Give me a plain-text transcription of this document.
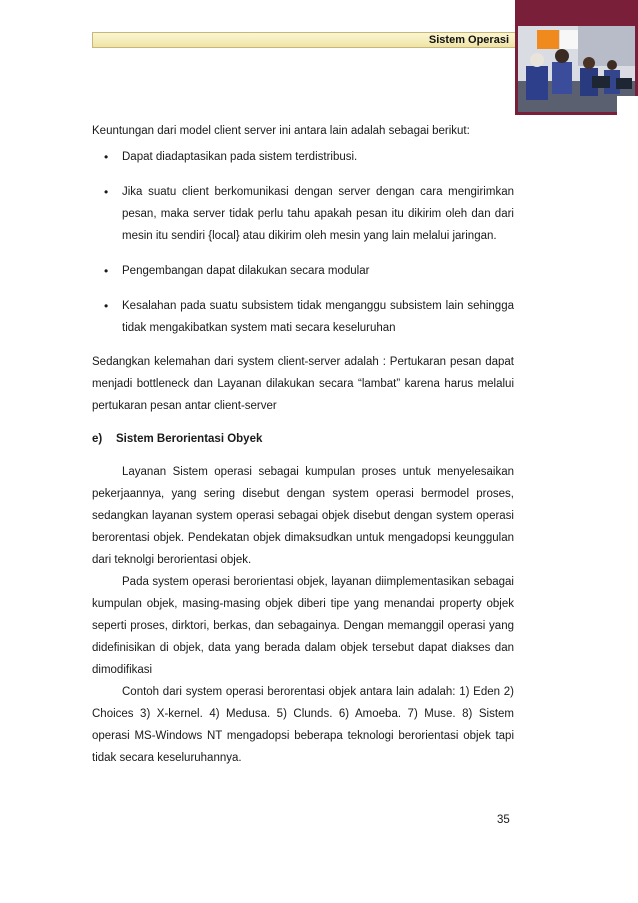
Sistem Operasi
Keuntungan dari model client server ini antara lain adalah sebagai berikut:
• Dapat diadaptasikan pada sistem terdistribusi.
• Jika suatu client berkomunikasi dengan server dengan cara mengirimkan pesan, maka server tidak perlu tahu apakah pesan itu dikirim oleh dan dari mesin itu sendiri {local} atau dikirim oleh mesin yang lain melalui jaringan.
• Pengembangan dapat dilakukan secara modular
• Kesalahan pada suatu subsistem tidak menganggu subsistem lain sehingga tidak mengakibatkan system mati secara keseluruhan
Sedangkan kelemahan dari system client-server adalah : Pertukaran pesan dapat menjadi bottleneck dan Layanan dilakukan secara “lambat” karena harus melalui pertukaran pesan antar client-server
e) Sistem Berorientasi Obyek

Layanan Sistem operasi sebagai kumpulan proses untuk menyelesaikan pekerjaannya, yang sering disebut dengan system operasi bermodel proses, sedangkan layanan system operasi sebagai objek disebut dengan system operasi berorentasi objek. Pendekatan objek dimaksudkan untuk mengadopsi keunggulan dari teknolgi berorientasi objek.

Pada system operasi berorientasi objek, layanan diimplementasikan sebagai kumpulan objek, masing-masing objek diberi tipe yang menandai property objek seperti proses, dirktori, berkas, dan sebagainya. Dengan memanggil operasi yang didefinisikan di objek, data yang berada dalam objek tersebut dapat diakses dan dimodifikasi

Contoh dari system operasi berorentasi objek antara lain adalah: 1) Eden 2) Choices 3) X-kernel. 4) Medusa. 5) Clunds. 6) Amoeba. 7) Muse. 8) Sistem operasi MS-Windows NT mengadopsi beberapa teknologi berorientasi objek tapi tidak secara keseluruhannya.

35
